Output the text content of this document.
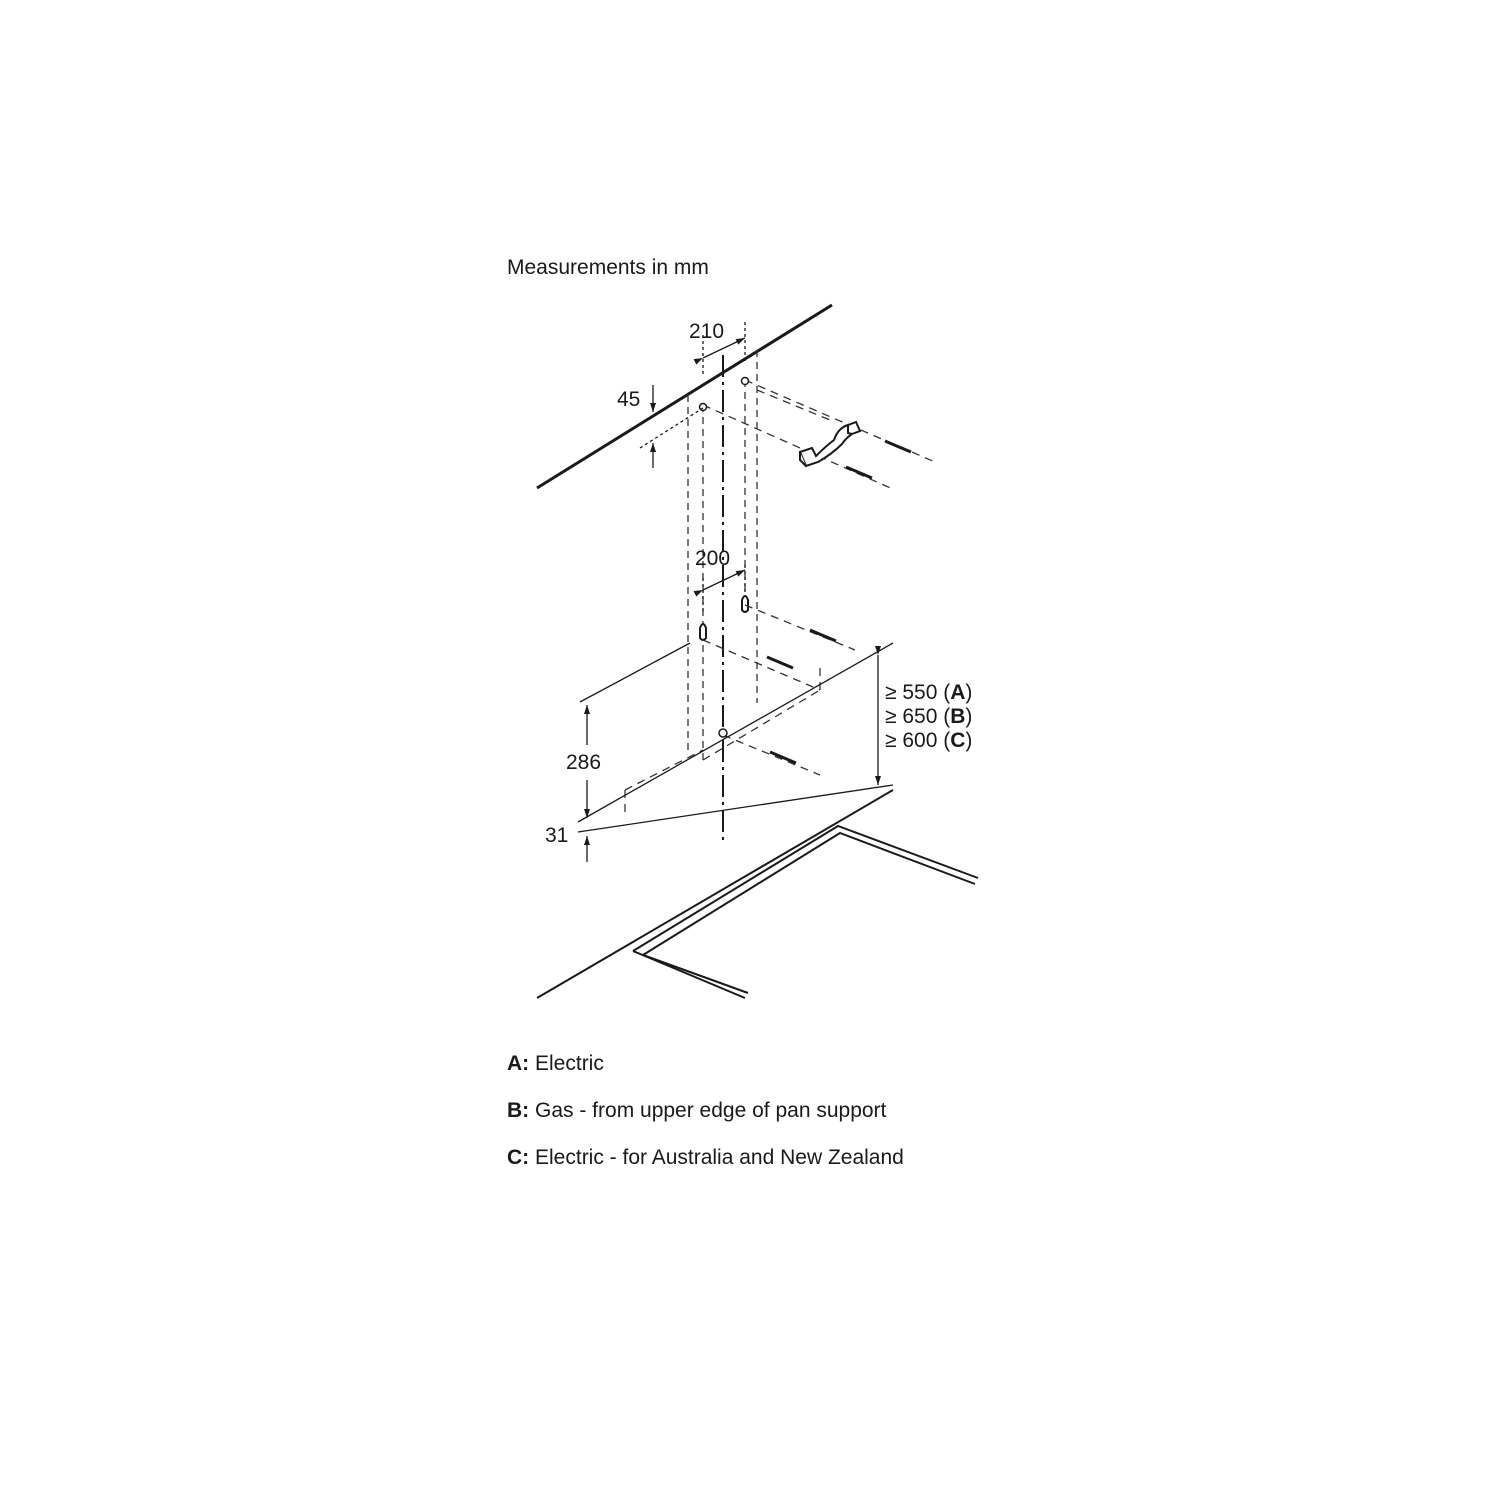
Measurements in mm
210
45
200
286
31
≥ 550 (A)
≥ 650 (B)
≥ 600 (C)
A: Electric
B: Gas - from upper edge of pan support
C: Electric - for Australia and New Zealand
